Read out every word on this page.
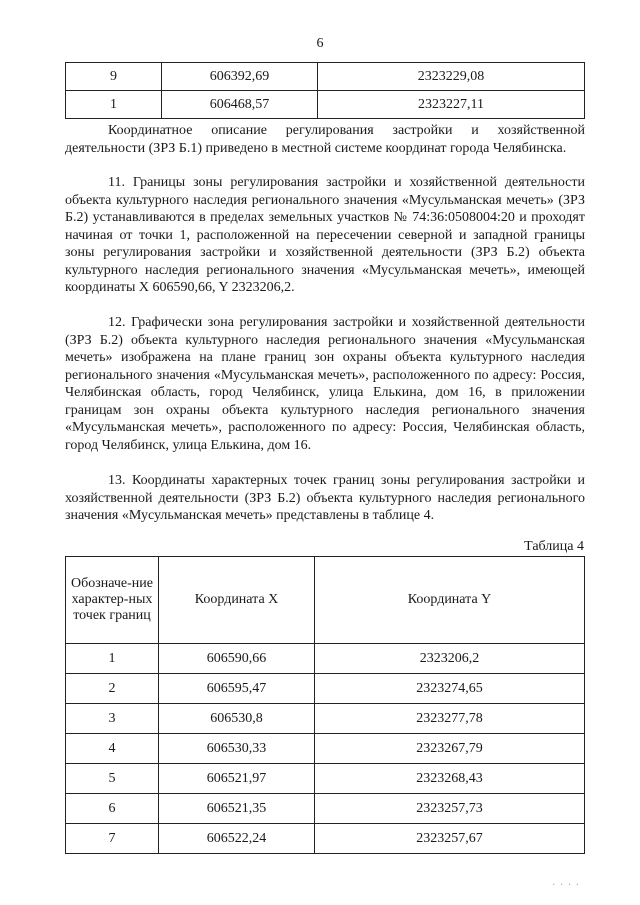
6
9	606392,69	2323229,08
1	606468,57	2323227,11

Координатное описание регулирования застройки и хозяйственной деятельности (ЗРЗ Б.1) приведено в местной системе координат города Челябинска.

11. Границы зоны регулирования застройки и хозяйственной деятельности объекта культурного наследия регионального значения «Мусульманская мечеть» (ЗРЗ Б.2) устанавливаются в пределах земельных участков № 74:36:0508004:20 и проходят начиная от точки 1, расположенной на пересечении северной и западной границы зоны регулирования застройки и хозяйственной деятельности (ЗРЗ Б.2) объекта культурного наследия регионального значения «Мусульманская мечеть», имеющей координаты X 606590,66, Y 2323206,2.

12. Графически зона регулирования застройки и хозяйственной деятельности (ЗРЗ Б.2) объекта культурного наследия регионального значения «Мусульманская мечеть» изображена на плане границ зон охраны объекта культурного наследия регионального значения «Мусульманская мечеть», расположенного по адресу: Россия, Челябинская область, город Челябинск, улица Елькина, дом 16, в приложении границам зон охраны объекта культурного наследия регионального значения «Мусульманская мечеть», расположенного по адресу: Россия, Челябинская область, город Челябинск, улица Елькина, дом 16.

13. Координаты характерных точек границ зоны регулирования застройки и хозяйственной деятельности (ЗРЗ Б.2) объекта культурного наследия регионального значения «Мусульманская мечеть» представлены в таблице 4.

Таблица 4
Обозначе-ние характер-ных точек границ	Координата X	Координата Y
1	606590,66	2323206,2
2	606595,47	2323274,65
3	606530,8	2323277,78
4	606530,33	2323267,79
5	606521,97	2323268,43
6	606521,35	2323257,73
7	606522,24	2323257,67
· · · ·
